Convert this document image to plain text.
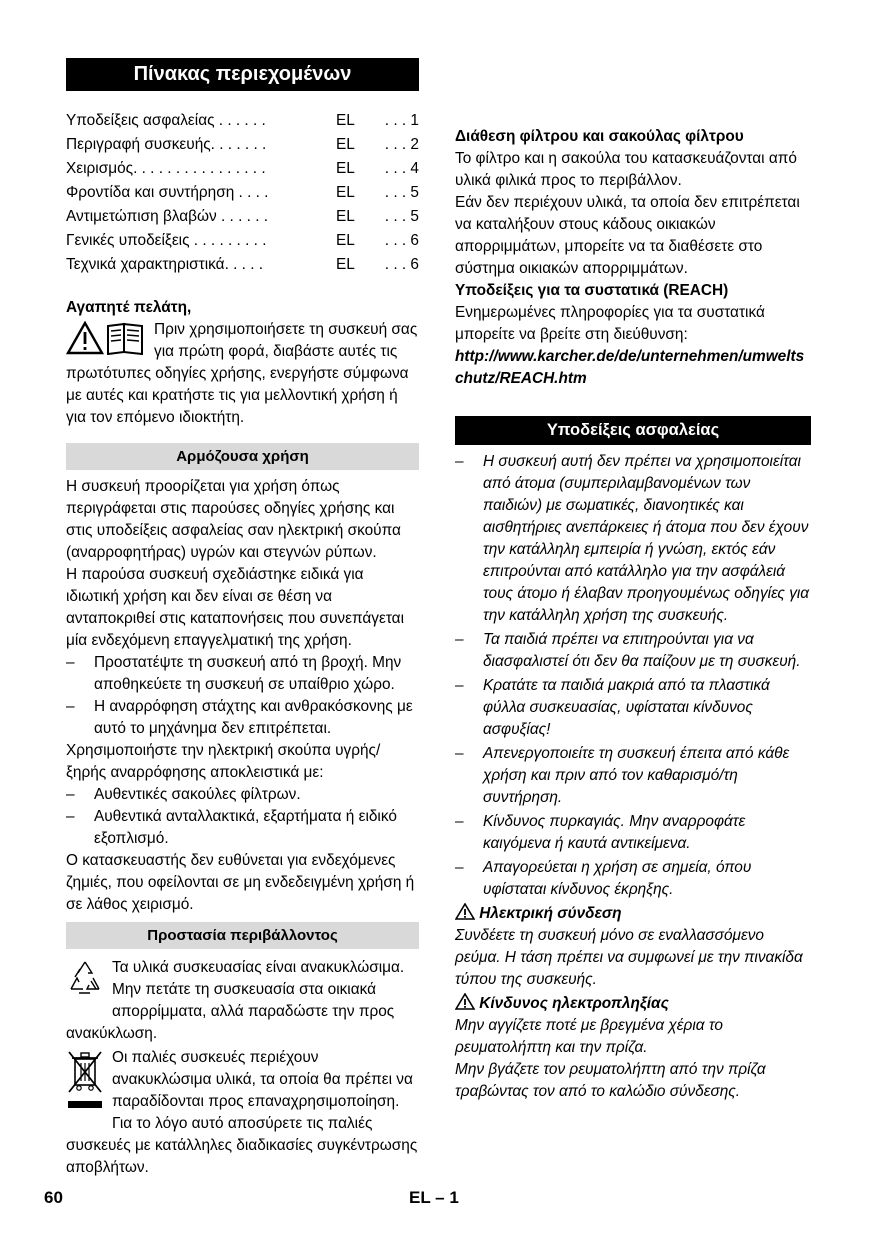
Πίνακας περιεχομένων
Υποδείξεις ασφαλείας . . . . . .	EL	. . . 1
Περιγραφή συσκευής. . . . . . .	EL	. . . 2
Χειρισμός. . . . . . . . . . . . . . . .	EL	. . . 4
Φροντίδα και συντήρηση . . . .	EL	. . . 5
Αντιμετώπιση βλαβών . . . . . .	EL	. . . 5
Γενικές υποδείξεις . . . . . . . . .	EL	. . . 6
Τεχνικά χαρακτηριστικά. . . . .	EL	. . . 6

Αγαπητέ πελάτη,

Πριν χρησιμοποιήσετε τη συσκευή σας για πρώτη φορά, διαβάστε αυτές τις πρωτότυπες οδηγίες χρήσης, ενεργήστε σύμφωνα με αυτές και κρατήστε τις για μελλοντική χρήση ή για τον επόμενο ιδιοκτήτη.
Αρμόζουσα χρήση

Η συσκευή προορίζεται για χρήση όπως περιγράφεται στις παρούσες οδηγίες χρήσης και στις υποδείξεις ασφαλείας σαν ηλεκτρική σκούπα (αναρροφητήρας) υγρών και στεγνών ρύπων.

Η παρούσα συσκευή σχεδιάστηκε ειδικά για ιδιωτική χρήση και δεν είναι σε θέση να ανταποκριθεί στις καταπονήσεις που συνεπάγεται μία ενδεχόμενη επαγγελματική της χρήση.

– Προστατέψτε τη συσκευή από τη βροχή. Μην αποθηκεύετε τη συσκευή σε υπαίθριο χώρο.
– Η αναρρόφηση στάχτης και ανθρακόσκονης με αυτό το μηχάνημα δεν επιτρέπεται.

Χρησιμοποιήστε την ηλεκτρική σκούπα υγρής/ξηρής αναρρόφησης αποκλειστικά με:

– Αυθεντικές σακούλες φίλτρων.
– Αυθεντικά ανταλλακτικά, εξαρτήματα ή ειδικό εξοπλισμό.

Ο κατασκευαστής δεν ευθύνεται για ενδεχόμενες ζημιές, που οφείλονται σε μη ενδεδειγμένη χρήση ή σε λάθος χειρισμό.

Προστασία περιβάλλοντος
Τα υλικά συσκευασίας είναι ανακυκλώσιμα. Μην πετάτε τη συσκευασία στα οικιακά απορρίμματα, αλλά παραδώστε την προς ανακύκλωση.
Οι παλιές συσκευές περιέχουν ανακυκλώσιμα υλικά, τα οποία θα πρέπει να παραδίδονται προς επαναχρησιμοποίηση. Για το λόγο αυτό αποσύρετε τις παλιές συσκευές με κατάλληλες διαδικασίες συγκέντρωσης αποβλήτων.

Διάθεση φίλτρου και σακούλας φίλτρου

Το φίλτρο και η σακούλα του κατασκευάζονται από υλικά φιλικά προς το περιβάλλον.

Εάν δεν περιέχουν υλικά, τα οποία δεν επιτρέπεται να καταλήξουν στους κάδους οικιακών απορριμμάτων, μπορείτε να τα διαθέσετε στο σύστημα οικιακών απορριμμάτων.

Υποδείξεις για τα συστατικά (REACH)

Ενημερωμένες πληροφορίες για τα συστατικά μπορείτε να βρείτε στη διεύθυνση:

http://www.karcher.de/de/unternehmen/umweltschutz/REACH.htm

Υποδείξεις ασφαλείας
– Η συσκευή αυτή δεν πρέπει να χρησιμοποιείται από άτομα (συμπεριλαμβανομένων των παιδιών) με σωματικές, διανοητικές και αισθητήριες ανεπάρκειες ή άτομα που δεν έχουν την κατάλληλη εμπειρία ή γνώση, εκτός εάν επιτρούνται από κατάλληλο για την ασφάλειά τους άτομο ή έλαβαν προηγουμένως οδηγίες για την κατάλληλη χρήση της συσκευής.
– Τα παιδιά πρέπει να επιτηρούνται για να διασφαλιστεί ότι δεν θα παίζουν με τη συσκευή.
– Κρατάτε τα παιδιά μακριά από τα πλαστικά φύλλα συσκευασίας, υφίσταται κίνδυνος ασφυξίας!
– Απενεργοποιείτε τη συσκευή έπειτα από κάθε χρήση και πριν από τον καθαρισμό/τη συντήρηση.
– Κίνδυνος πυρκαγιάς. Μην αναρροφάτε καιγόμενα ή καυτά αντικείμενα.
– Απαγορεύεται η χρήση σε σημεία, όπου υφίσταται κίνδυνος έκρηξης.

Ηλεκτρική σύνδεση

Συνδέετε τη συσκευή μόνο σε εναλλασσόμενο ρεύμα. Η τάση πρέπει να συμφωνεί με την πινακίδα τύπου της συσκευής.

Κίνδυνος ηλεκτροπληξίας

Μην αγγίζετε ποτέ με βρεγμένα χέρια το ρευματολήπτη και την πρίζα.

Μην βγάζετε τον ρευματολήπτη από την πρίζα τραβώντας τον από το καλώδιο σύνδεσης.

60	EL – 1
